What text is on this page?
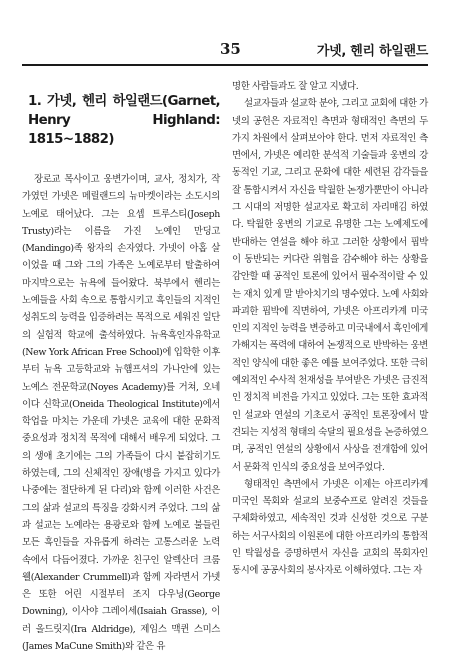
35	가넷, 헨리 하일랜드
1. 가넷, 헨리 하일랜드(Garnet, Henry Highland: 1815~1882)

장로교 목사이고 웅변가이며, 교사, 정치가, 작가였던 가넷은 메릴랜드의 뉴마켓이라는 소도시의 노예로 태어났다. 그는 요셉 트루스티(Joseph Trusty)라는 이름을 가진 노예인 만딩고(Mandingo)족 왕자의 손자였다. 가넷이 아홉 살이었을 때 그와 그의 가족은 노예로부터 탈출하여 마지막으로는 뉴욕에 들어왔다. 북부에서 헨리는 노예들을 사회 속으로 통합시키고 흑인들의 지적인 성취도의 능력을 입증하려는 목적으로 세워진 일단의 실험적 학교에 출석하였다. 뉴욕흑인자유학교(New York African Free School)에 입학한 이후부터 뉴욕 고등학교와 뉴햄프셔의 가나안에 있는 노예스 전문학교(Noyes Academy)를 거쳐, 오네이다 신학교(Oneida Theological Institute)에서 학업을 마치는 가운데 가넷은 교육에 대한 문화적 중요성과 정치적 목적에 대해서 배우게 되었다. 그의 생애 초기에는 그의 가족들이 다시 붙잡히기도 하였는데, 그의 신체적인 장애(병을 가지고 있다가 나중에는 절단하게 된 다리)와 함께 이러한 사건은 그의 삶과 설교의 특징을 강화시켜 주었다. 그의 삶과 설교는 노예라는 용광로와 함께 노예로 불들린 모든 흑인들을 자유롭게 하려는 고통스러운 노력 속에서 다듬어졌다. 가까운 친구인 알렉산더 크룸웰(Alexander Crummell)과 함께 자라면서 가넷은 또한 어린 시절부터 조지 다우닝(George Downing), 이사야 그레이세(Isaiah Grasse), 이러 올드릿지(Ira Aldridge), 제임스 맥퀸 스미스(James MaCune Smith)와 같은 유

명한 사람들과도 잘 알고 지냈다.

설교자들과 설교학 분야, 그리고 교회에 대한 가넷의 공헌은 자료적인 측면과 형태적인 측면의 두 가지 차원에서 살펴보아야 한다. 먼저 자료적인 측면에서, 가넷은 예리한 분석적 기술들과 웅변의 강동적인 기교, 그리고 문화에 대한 세련된 감각들을 잘 통합시켜서 자신을 탁월한 논쟁가뿐만이 아니라 그 시대의 저명한 설교자로 확고히 자리매김 하였다. 탁월한 웅변의 기교로 유명한 그는 노예제도에 반대하는 연설을 해야 하고 그러한 상황에서 핍박이 동반되는 커다란 위협을 감수해야 하는 상황을 감안할 때 공적인 토론에 있어서 필수적이랄 수 있는 재치 있게 말 받아치기의 명수였다. 노예 사회와 파괴한 핍박에 직면하여, 가넷은 아프리카계 미국인의 지적인 능력을 변증하고 미국내에서 흑인에게 가해지는 폭력에 대하여 논쟁적으로 반박하는 웅변적인 양식에 대한 좋은 예를 보여주었다. 또한 극히 예외적인 수사적 천재성을 부여받은 가넷은 급진적인 정치적 비전을 가지고 있었다. 그는 또한 효과적인 설교와 연설의 기초로서 공적인 토론장에서 발견되는 지성적 형태의 숙달의 필요성을 논증하였으며, 공적인 연설의 상황에서 사상을 전개함에 있어서 문화적 인식의 중요성을 보여주었다.

형태적인 측면에서 가넷은 이제는 아프리카계 미국인 목회와 설교의 보중수프로 알려진 것들을 구체화하였고, 세속적인 것과 신성한 것으로 구분하는 서구사회의 이원론에 대한 아프리카의 통합적인 탁월성을 증명하면서 자신을 교회의 목회자인 동시에 공공사회의 봉사자로 이해하였다. 그는 자
